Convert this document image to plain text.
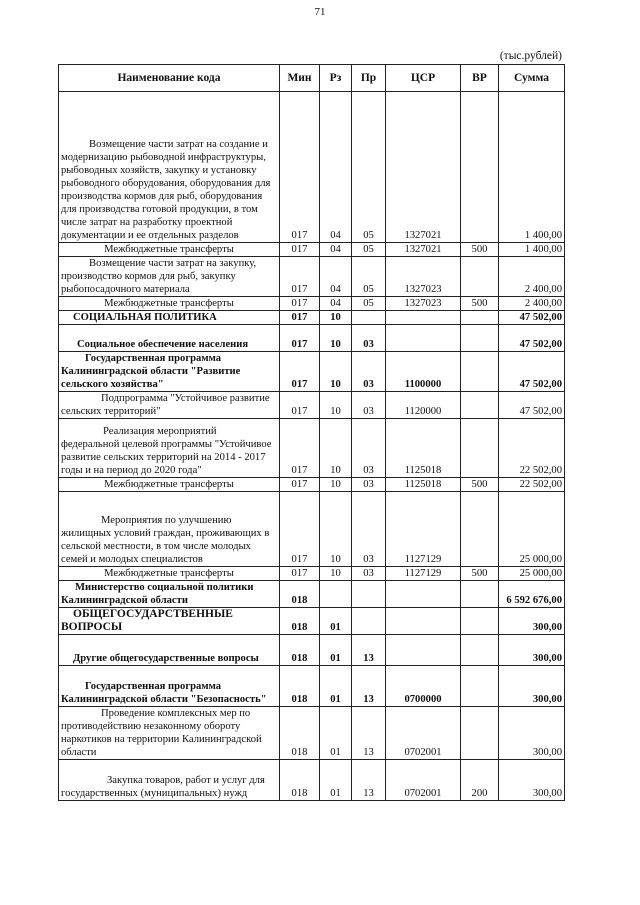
71
(тыс.рублей)
Наименование кода	Мин	Рз	Пр	ЦСР	ВР	Сумма

Возмещение части затрат на создание и модернизацию рыбоводной инфраструктуры, рыбоводных хозяйств, закупку и установку рыбоводного оборудования, оборудования для производства кормов для рыб, оборудования для производства готовой продукции, в том числе затрат на разработку проектной документации и ее отдельных разделов	017	04	05	1327021		1 400,00
Межбюджетные трансферты	017	04	05	1327021	500	1 400,00

Возмещение части затрат на закупку, производство кормов для рыб, закупку рыбопосадочного материала	017	04	05	1327023		2 400,00
Межбюджетные трансферты	017	04	05	1327023	500	2 400,00
СОЦИАЛЬНАЯ ПОЛИТИКА	017	10				47 502,00
Социальное обеспечение населения	017	10	03			47 502,00

Государственная программа Калининградской области "Развитие сельского хозяйства"	017	10	03	1100000		47 502,00

Подпрограмма "Устойчивое развитие сельских территорий"	017	10	03	1120000		47 502,00

Реализация мероприятий федеральной целевой программы "Устойчивое развитие сельских территорий на 2014 - 2017 годы и на период до 2020 года"	017	10	03	1125018		22 502,00
Межбюджетные трансферты	017	10	03	1125018	500	22 502,00

Мероприятия по улучшению жилищных условий граждан, проживающих в сельской местности, в том числе молодых семей и молодых специалистов	017	10	03	1127129		25 000,00
Межбюджетные трансферты	017	10	03	1127129	500	25 000,00

Министерство социальной политики Калининградской области	018					6 592 676,00

ОБЩЕГОСУДАРСТВЕННЫЕ ВОПРОСЫ	018	01				300,00
Другие общегосударственные вопросы	018	01	13			300,00

Государственная программа Калининградской области "Безопасность"	018	01	13	0700000		300,00

Проведение комплексных мер по противодействию незаконному обороту наркотиков на территории Калининградской области	018	01	13	0702001		300,00

Закупка товаров, работ и услуг для государственных (муниципальных) нужд	018	01	13	0702001	200	300,00
